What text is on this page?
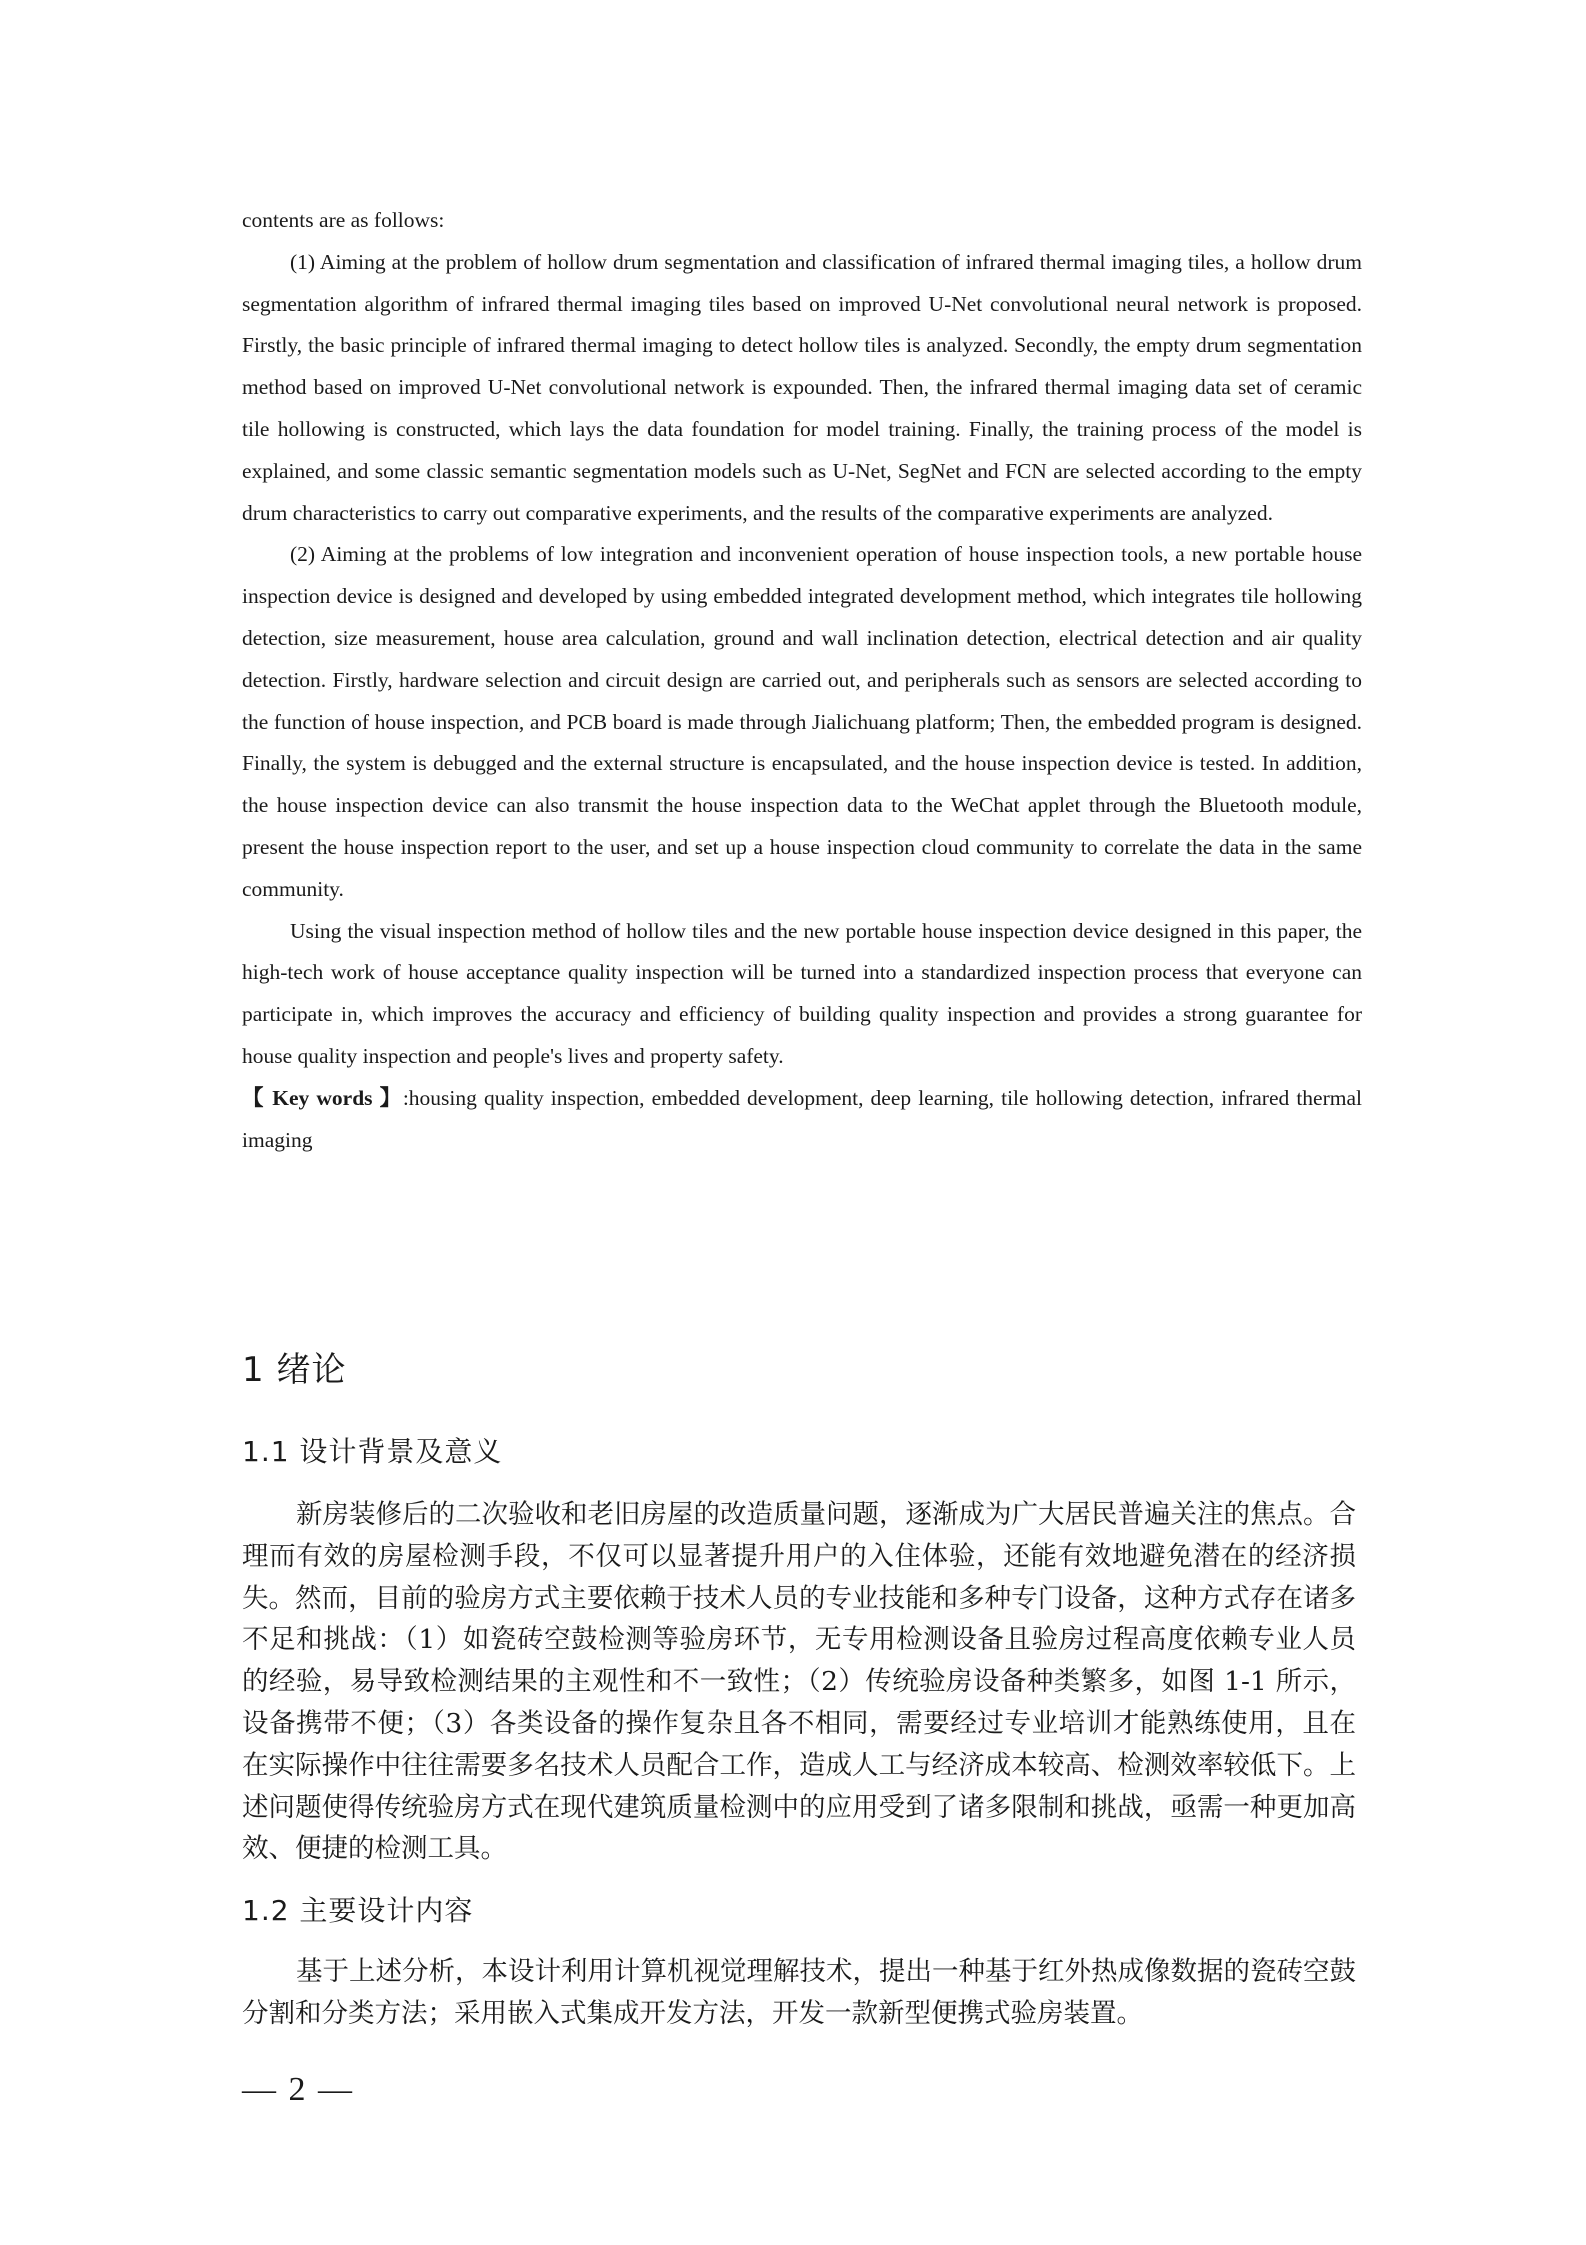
contents are as follows:

(1) Aiming at the problem of hollow drum segmentation and classification of infrared thermal imaging tiles, a hollow drum segmentation algorithm of infrared thermal imaging tiles based on improved U-Net convolutional neural network is proposed. Firstly, the basic principle of infrared thermal imaging to detect hollow tiles is analyzed. Secondly, the empty drum segmentation method based on improved U-Net convolutional network is expounded. Then, the infrared thermal imaging data set of ceramic tile hollowing is constructed, which lays the data foundation for model training. Finally, the training process of the model is explained, and some classic semantic segmentation models such as U-Net, SegNet and FCN are selected according to the empty drum characteristics to carry out comparative experiments, and the results of the comparative experiments are analyzed.

(2) Aiming at the problems of low integration and inconvenient operation of house inspection tools, a new portable house inspection device is designed and developed by using embedded integrated development method, which integrates tile hollowing detection, size measurement, house area calculation, ground and wall inclination detection, electrical detection and air quality detection. Firstly, hardware selection and circuit design are carried out, and peripherals such as sensors are selected according to the function of house inspection, and PCB board is made through Jialichuang platform; Then, the embedded program is designed. Finally, the system is debugged and the external structure is encapsulated, and the house inspection device is tested. In addition, the house inspection device can also transmit the house inspection data to the WeChat applet through the Bluetooth module, present the house inspection report to the user, and set up a house inspection cloud community to correlate the data in the same community.

Using the visual inspection method of hollow tiles and the new portable house inspection device designed in this paper, the high-tech work of house acceptance quality inspection will be turned into a standardized inspection process that everyone can participate in, which improves the accuracy and efficiency of building quality inspection and provides a strong guarantee for house quality inspection and people's lives and property safety.

【 Key words 】:housing quality inspection, embedded development, deep learning, tile hollowing detection, infrared thermal imaging

1 绪论
1.1 设计背景及意义

新房装修后的二次验收和老旧房屋的改造质量问题，逐渐成为广大居民普遍关注的焦点。合理而有效的房屋检测手段，不仅可以显著提升用户的入住体验，还能有效地避免潜在的经济损失。然而，目前的验房方式主要依赖于技术人员的专业技能和多种专门设备，这种方式存在诸多不足和挑战：（1）如瓷砖空鼓检测等验房环节，无专用检测设备且验房过程高度依赖专业人员的经验，易导致检测结果的主观性和不一致性；（2）传统验房设备种类繁多，如图 1-1 所示，设备携带不便；（3）各类设备的操作复杂且各不相同，需要经过专业培训才能熟练使用，且在在实际操作中往往需要多名技术人员配合工作，造成人工与经济成本较高、检测效率较低下。上述问题使得传统验房方式在现代建筑质量检测中的应用受到了诸多限制和挑战，亟需一种更加高效、便捷的检测工具。

1.2 主要设计内容

基于上述分析，本设计利用计算机视觉理解技术，提出一种基于红外热成像数据的瓷砖空鼓分割和分类方法；采用嵌入式集成开发方法，开发一款新型便携式验房装置。

— 2 —
